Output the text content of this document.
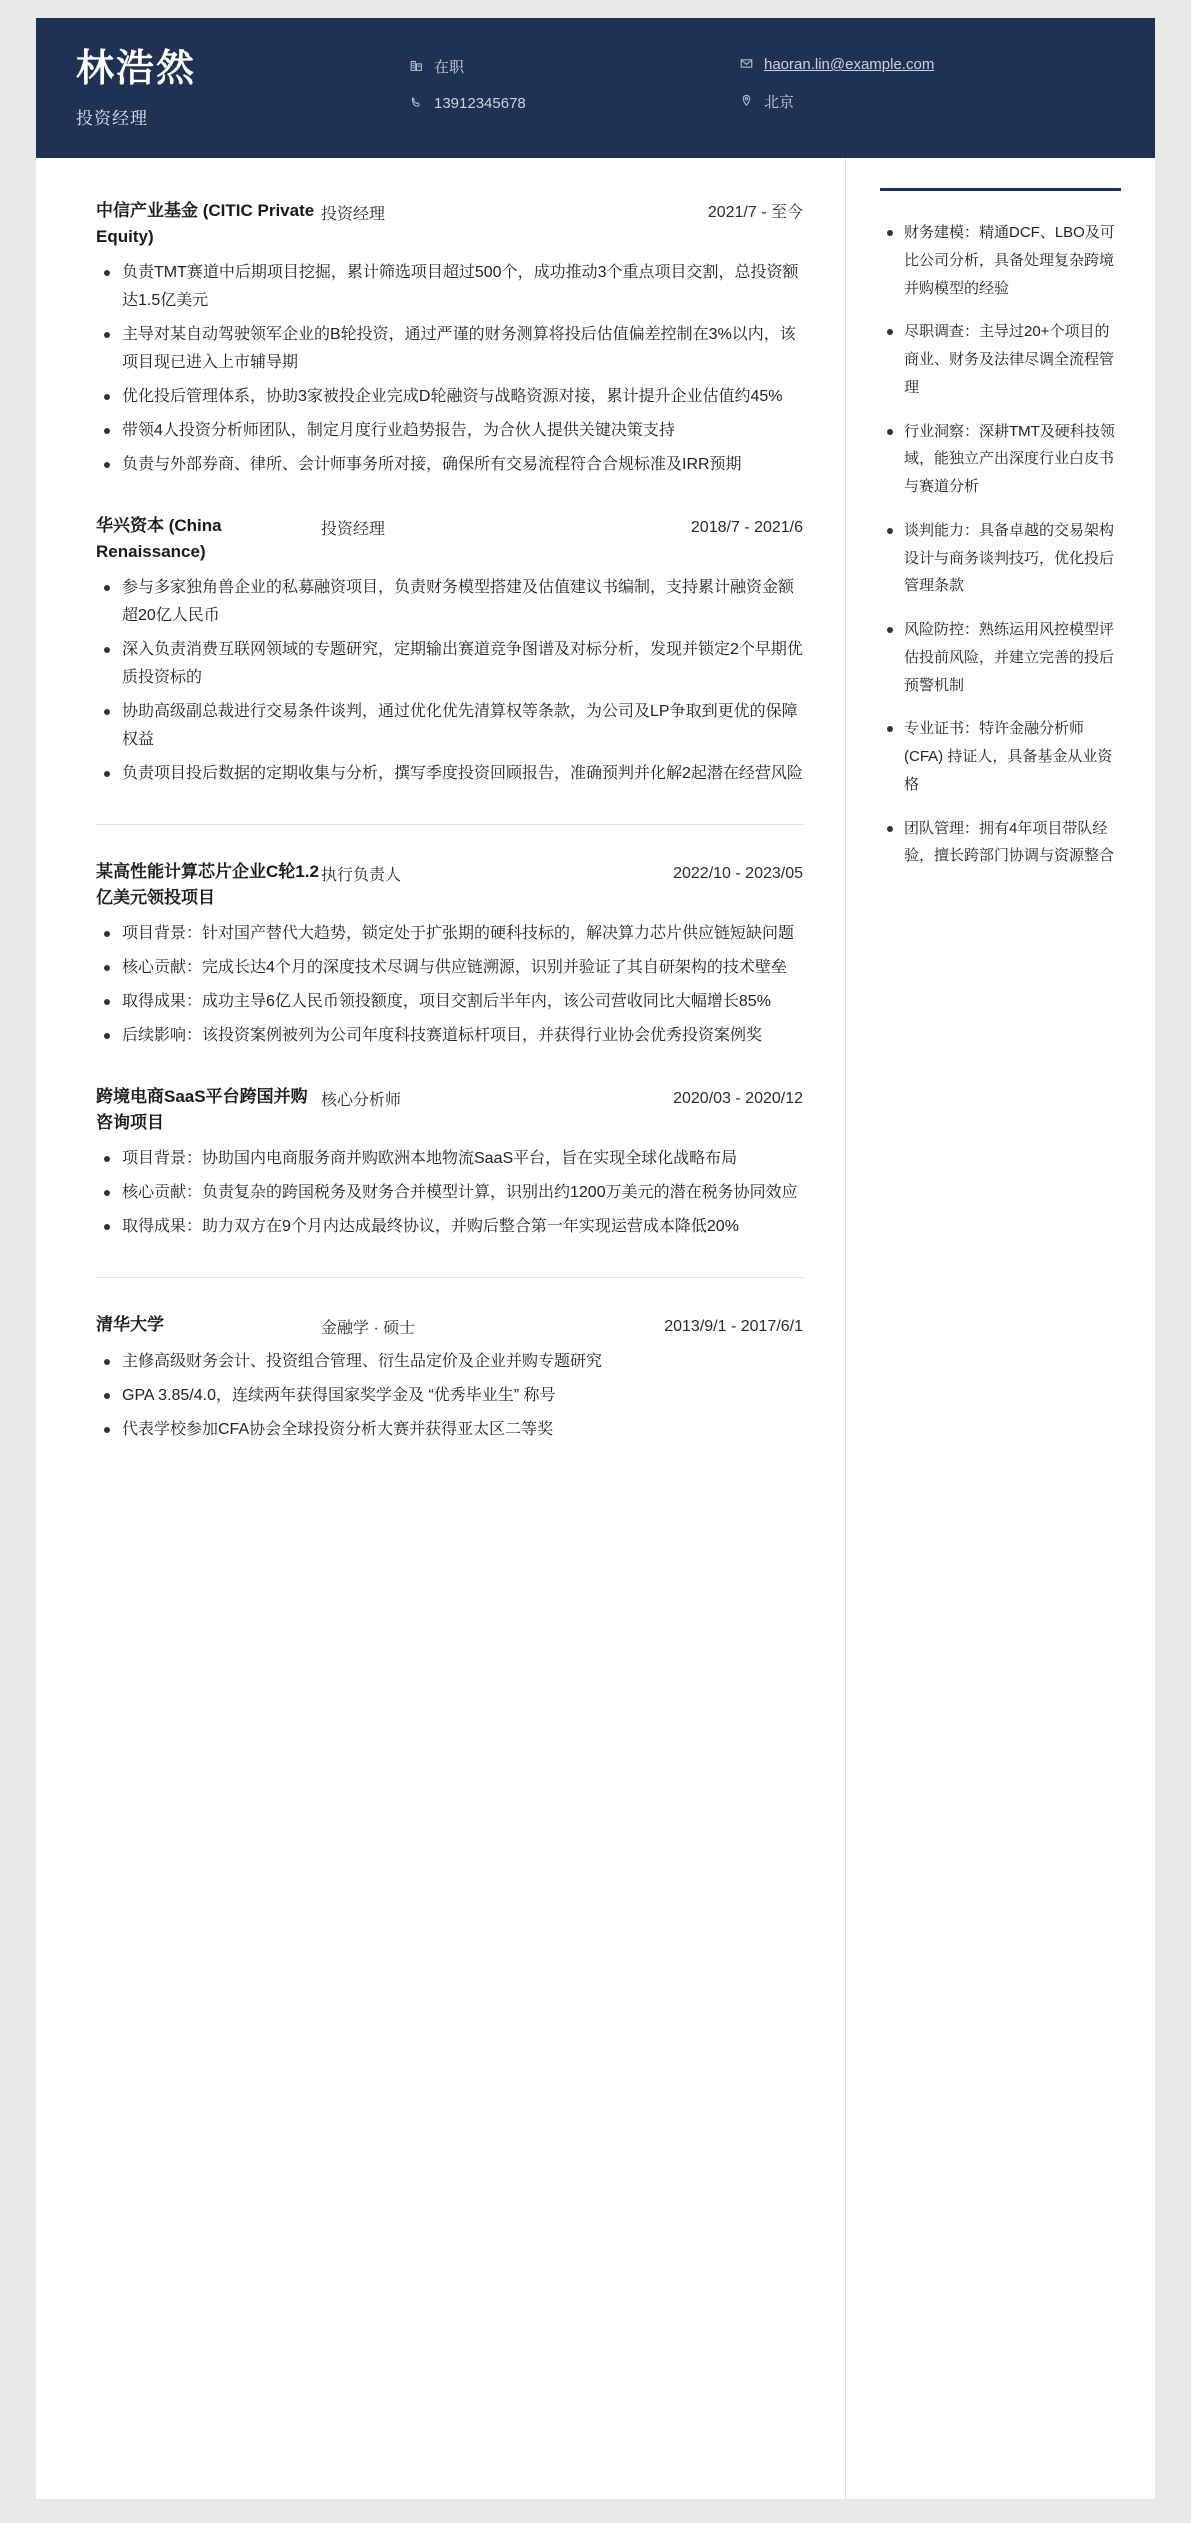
林浩然
投资经理
在职
13912345678
haoran.lin@example.com
北京
中信产业基金 (CITIC Private Equity)
投资经理	2021/7 - 至今
负责TMT赛道中后期项目挖掘，累计筛选项目超过500个，成功推动3个重点项目交割，总投资额达1.5亿美元
主导对某自动驾驶领军企业的B轮投资，通过严谨的财务测算将投后估值偏差控制在3%以内，该项目现已进入上市辅导期
优化投后管理体系，协助3家被投企业完成D轮融资与战略资源对接，累计提升企业估值约45%
带领4人投资分析师团队，制定月度行业趋势报告，为合伙人提供关键决策支持
负责与外部券商、律所、会计师事务所对接，确保所有交易流程符合合规标准及IRR预期
华兴资本 (China Renaissance)
投资经理	2018/7 - 2021/6
参与多家独角兽企业的私募融资项目，负责财务模型搭建及估值建议书编制，支持累计融资金额超20亿人民币
深入负责消费互联网领域的专题研究，定期输出赛道竞争图谱及对标分析，发现并锁定2个早期优质投资标的
协助高级副总裁进行交易条件谈判，通过优化优先清算权等条款，为公司及LP争取到更优的保障权益
负责项目投后数据的定期收集与分析，撰写季度投资回顾报告，准确预判并化解2起潜在经营风险
某高性能计算芯片企业C轮1.2亿美元领投项目
执行负责人	2022/10 - 2023/05
项目背景：针对国产替代大趋势，锁定处于扩张期的硬科技标的，解决算力芯片供应链短缺问题
核心贡献：完成长达4个月的深度技术尽调与供应链溯源，识别并验证了其自研架构的技术壁垒
取得成果：成功主导6亿人民币领投额度，项目交割后半年内，该公司营收同比大幅增长85%
后续影响：该投资案例被列为公司年度科技赛道标杆项目，并获得行业协会优秀投资案例奖
跨境电商SaaS平台跨国并购咨询项目
核心分析师	2020/03 - 2020/12
项目背景：协助国内电商服务商并购欧洲本地物流SaaS平台，旨在实现全球化战略布局
核心贡献：负责复杂的跨国税务及财务合并模型计算，识别出约1200万美元的潜在税务协同效应
取得成果：助力双方在9个月内达成最终协议，并购后整合第一年实现运营成本降低20%
清华大学	金融学 · 硕士	2013/9/1 - 2017/6/1
主修高级财务会计、投资组合管理、衍生品定价及企业并购专题研究
GPA 3.85/4.0，连续两年获得国家奖学金及 “优秀毕业生” 称号
代表学校参加CFA协会全球投资分析大赛并获得亚太区二等奖
财务建模：精通DCF、LBO及可比公司分析，具备处理复杂跨境并购模型的经验
尽职调查：主导过20+个项目的商业、财务及法律尽调全流程管理
行业洞察：深耕TMT及硬科技领域，能独立产出深度行业白皮书与赛道分析
谈判能力：具备卓越的交易架构设计与商务谈判技巧，优化投后管理条款
风险防控：熟练运用风控模型评估投前风险，并建立完善的投后预警机制
专业证书：特许金融分析师 (CFA) 持证人，具备基金从业资格
团队管理：拥有4年项目带队经验，擅长跨部门协调与资源整合
